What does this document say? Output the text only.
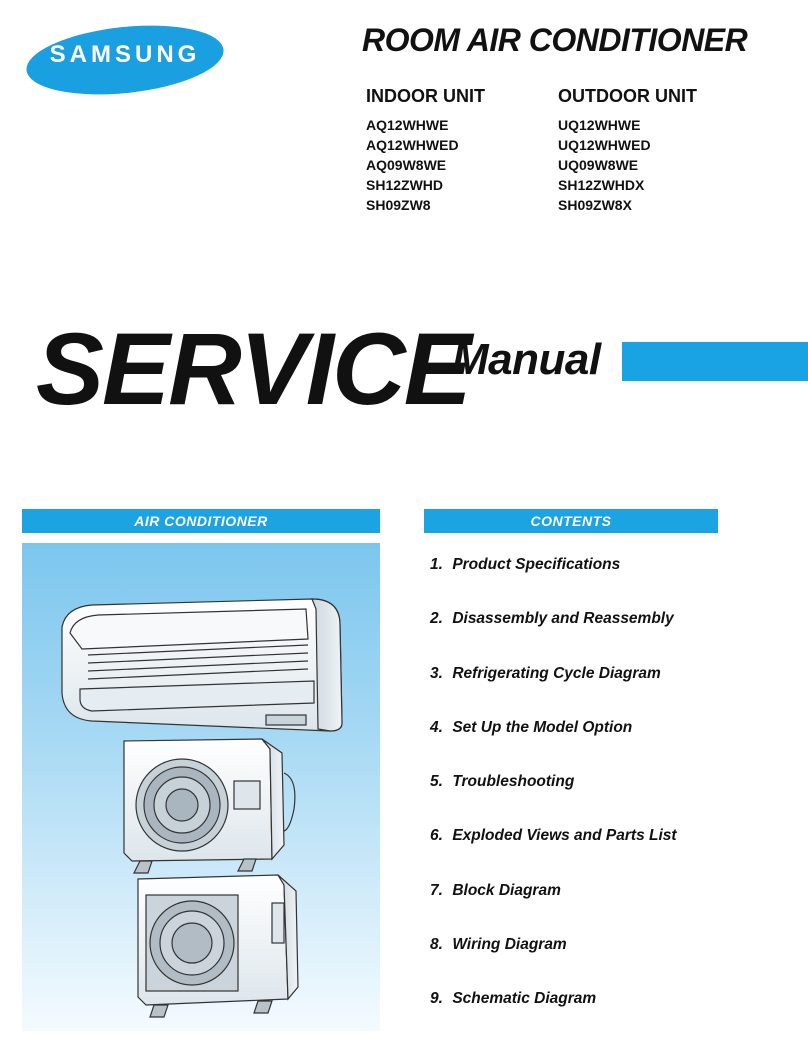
SAMSUNG	ROOM AIR CONDITIONER
INDOOR UNIT
AQ12WHWE
AQ12WHWED
AQ09W8WE
SH12ZWHD
SH09ZW8
OUTDOOR UNIT
UQ12WHWE
UQ12WHWED
UQ09W8WE
SH12ZWHDX
SH09ZW8X
SERVICE
Manual
AIR CONDITIONER	CONTENTS
1. Product Specifications
2. Disassembly and Reassembly
3. Refrigerating Cycle Diagram
4. Set Up the Model Option
5. Troubleshooting
6. Exploded Views and Parts List
7. Block Diagram
8. Wiring Diagram
9. Schematic Diagram
